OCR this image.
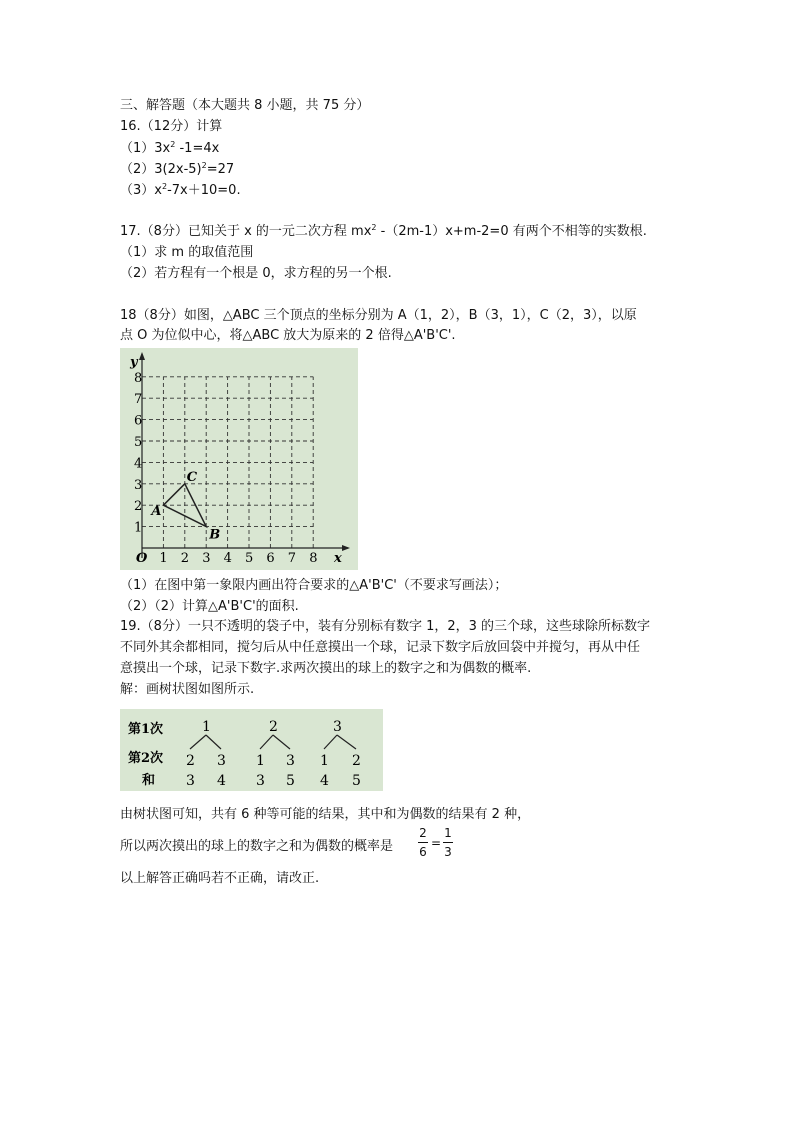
三、解答题（本大题共 8 小题，共 75 分）
16.（12分）计算
$(1)3x^2$ -1=4x
$(2)3(2x-5)^2=27$
$(3)x^2-7x+10=0$.
17.（8分）已知关于 x 的一元二次方程 $mx^2$ -（2m-1）x+m-2=0 有两个不相等的实数根.
（1）求 m 的取值范围
（2）若方程有一个根是 0，求方程的另一个根.
18（8分）如图，△ABC 三个顶点的坐标分别为 A（1，2），B（3，1），C（2，3），以原
点 O 为位似中心，将△ABC 放大为原来的 2 倍得△A'B'C'.
y
x
O 1 2 3 4 5 6 7 8
1
2
3
4
5
6
7
8
A
B
C
（1）在图中第一象限内画出符合要求的△A'B'C'（不要求写画法）；
（2）（2）计算△A'B'C'的面积.
19.（8分）一只不透明的袋子中，装有分别标有数字 1，2，3 的三个球，这些球除所标数字
不同外其余都相同，搅匀后从中任意摸出一个球，记录下数字后放回袋中并搅匀，再从中任
意摸出一个球，记录下数字.求两次摸出的球上的数字之和为偶数的概率.
解：画树状图如图所示.
第1次
第2次
和
1
2
3
3
4
2
1
3
3
5
3
1
4
2
5
由树状图可知，共有 6 种等可能的结果，其中和为偶数的结果有 2 种，
所以两次摸出的球上的数字之和为偶数的概率是
2
6
=
1
3
以上解答正确吗若不正确，请改正.
